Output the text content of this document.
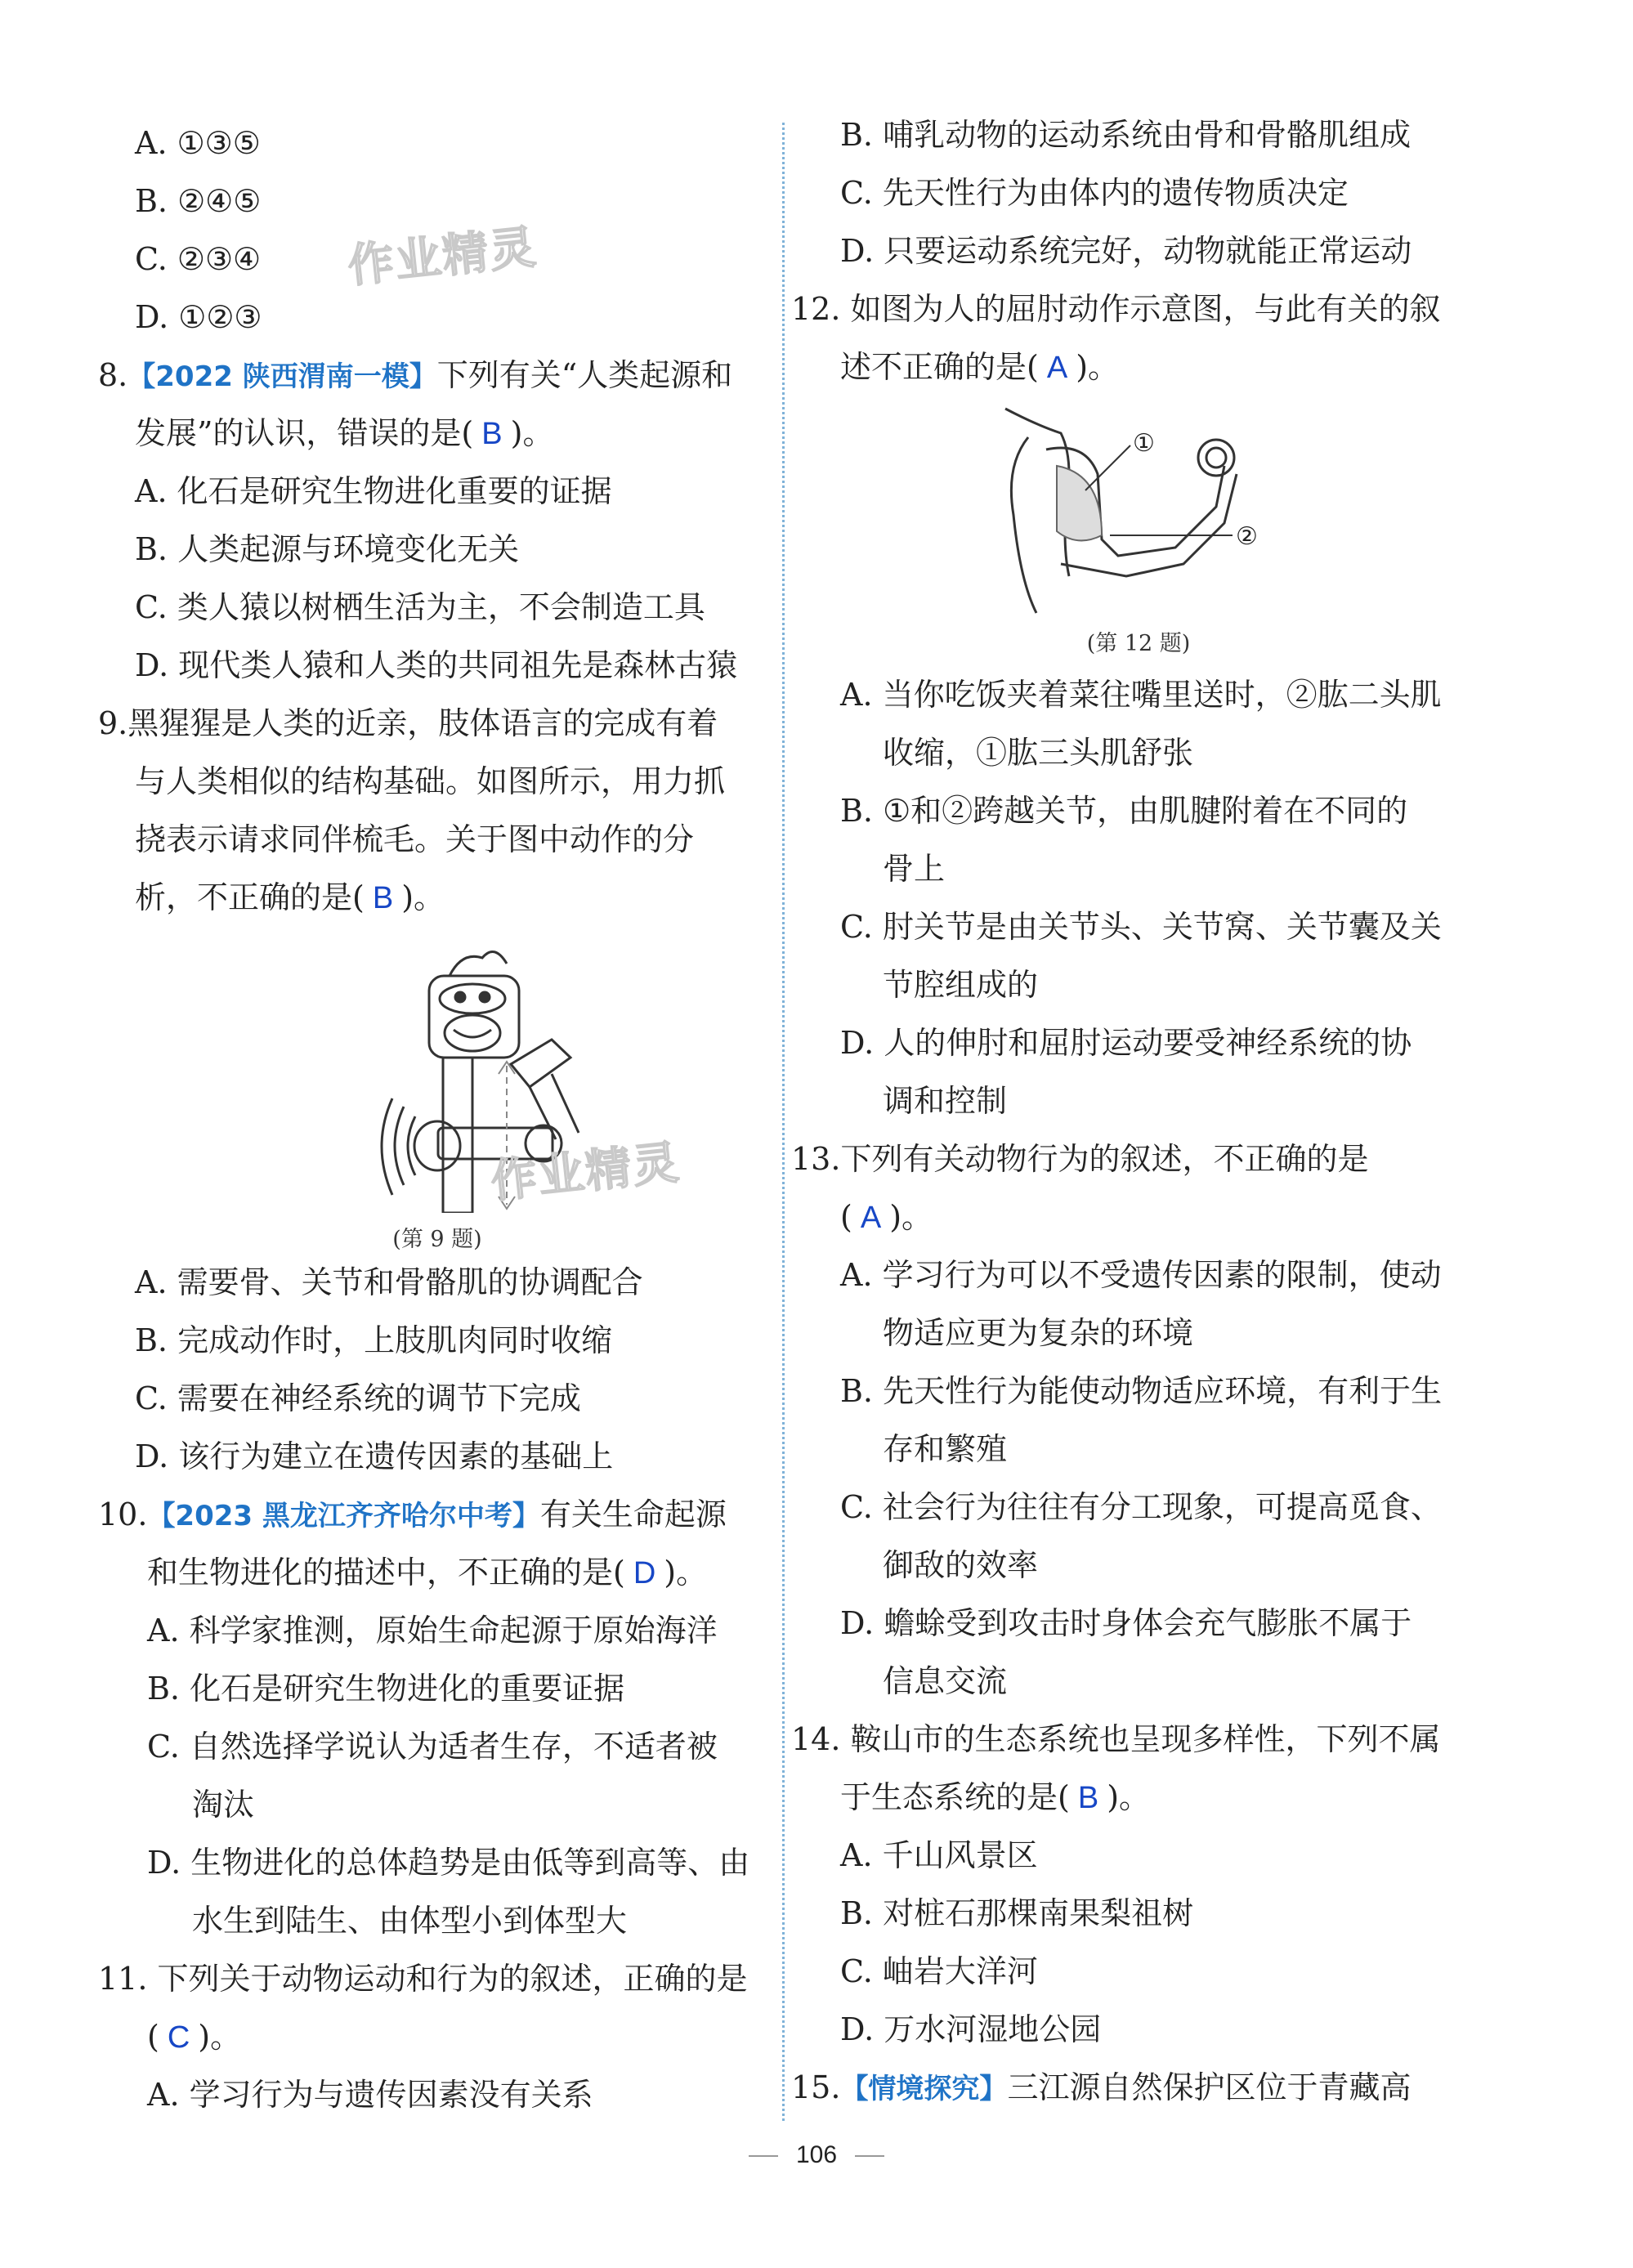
A. ①③⑤
B. ②④⑤
C. ②③④
D. ①②③
8.【2022 陕西渭南一模】下列有关“人类起源和
发展”的认识，错误的是( B )。
A. 化石是研究生物进化重要的证据
B. 人类起源与环境变化无关
C. 类人猿以树栖生活为主，不会制造工具
D. 现代类人猿和人类的共同祖先是森林古猿
9.黑猩猩是人类的近亲，肢体语言的完成有着
与人类相似的结构基础。如图所示，用力抓
挠表示请求同伴梳毛。关于图中动作的分
析，不正确的是( B )。
(第 9 题)
A. 需要骨、关节和骨骼肌的协调配合
B. 完成动作时，上肢肌肉同时收缩
C. 需要在神经系统的调节下完成
D. 该行为建立在遗传因素的基础上
10.【2023 黑龙江齐齐哈尔中考】有关生命起源
和生物进化的描述中，不正确的是( D )。
A. 科学家推测，原始生命起源于原始海洋
B. 化石是研究生物进化的重要证据
C. 自然选择学说认为适者生存，不适者被
淘汰
D. 生物进化的总体趋势是由低等到高等、由
水生到陆生、由体型小到体型大
11. 下列关于动物运动和行为的叙述，正确的是
( C )。
A. 学习行为与遗传因素没有关系
B. 哺乳动物的运动系统由骨和骨骼肌组成
C. 先天性行为由体内的遗传物质决定
D. 只要运动系统完好，动物就能正常运动
12. 如图为人的屈肘动作示意图，与此有关的叙
述不正确的是( A )。
①
②
(第 12 题)
A. 当你吃饭夹着菜往嘴里送时，②肱二头肌
收缩，①肱三头肌舒张
B. ①和②跨越关节，由肌腱附着在不同的
骨上
C. 肘关节是由关节头、关节窝、关节囊及关
节腔组成的
D. 人的伸肘和屈肘运动要受神经系统的协
调和控制
13.下列有关动物行为的叙述，不正确的是
( A )。
A. 学习行为可以不受遗传因素的限制，使动
物适应更为复杂的环境
B. 先天性行为能使动物适应环境，有利于生
存和繁殖
C. 社会行为往往有分工现象，可提高觅食、
御敌的效率
D. 蟾蜍受到攻击时身体会充气膨胀不属于
信息交流
14. 鞍山市的生态系统也呈现多样性，下列不属
于生态系统的是( B )。
A. 千山风景区
B. 对桩石那棵南果梨祖树
C. 岫岩大洋河
D. 万水河湿地公园
15.【情境探究】三江源自然保护区位于青藏高
作业精灵
作业精灵
106
